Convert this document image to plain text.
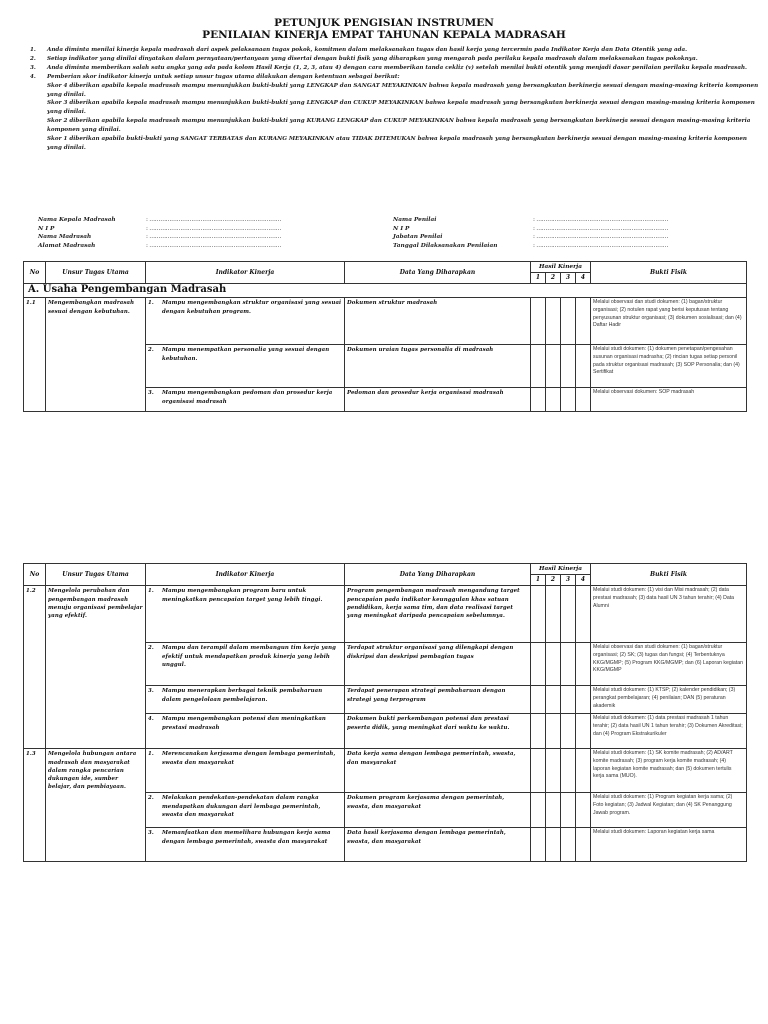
PETUNJUK PENGISIAN INSTRUMEN
PENILAIAN KINERJA EMPAT TAHUNAN KEPALA MADRASAH
1.	Anda diminta menilai kinerja kepala madrasah dari aspek pelaksanaan tugas pokok, komitmen dalam melaksanakan tugas dan hasil kerja yang tercermin pada Indikator Kerja dan Data Otentik yang ada.
2.	Setiap indikator yang dinilai dinyatakan dalam pernyataan/pertanyaan yang disertai dengan bukti fisik yang diharapkan yang mengarah pada perilaku kepala madrasah dalam melaksanakan tugas pokoknya.
3.	Anda diminta memberikan salah satu angka yang ada pada kolom Hasil Kerja (1, 2, 3, atau 4) dengan cara memberikan tanda cekliz (v) setelah menilai bukti otentik yang menjadi dasar penilaian perilaku kepala madrasah.
4.	Pemberian skor indikator kinerja untuk setiap unsur tugas utama dilakukan dengan ketentuan sebagai berikut:
Skor 4 diberikan apabila kepala madrasah mampu menunjukkan bukti-bukti yang LENGKAP dan SANGAT MEYAKINKAN bahwa kepala madrasah yang bersangkutan berkinerja sesuai dengan masing-masing kriteria komponen yang dinilai.
Skor 3 diberikan apabila kepala madrasah mampu menunjukkan bukti-bukti yang LENGKAP dan CUKUP MEYAKINKAN bahwa kepala madrasah yang bersangkutan berkinerja sesuai dengan masing-masing kriteria komponen yang dinilai.
Skor 2 diberikan apabila kepala madrasah mampu menunjukkan bukti-bukti yang KURANG LENGKAP dan CUKUP MEYAKINKAN bahwa kepala madrasah yang bersangkutan berkinerja sesuai dengan masing-masing kriteria komponen yang dinilai.
Skor 1 diberikan apabila bukti-bukti yang SANGAT TERBATAS dan KURANG MEYAKINKAN atau TIDAK DITEMUKAN bahwa kepala madrasah yang bersangkutan berkinerja sesuai dengan masing-masing kriteria komponen yang dinilai.
Nama Kepala Madrasah	: ………………………………………………………………
N I P	: ………………………………………………………………
Nama Madrasah	: ………………………………………………………………
Alamat Madrasah	: ………………………………………………………………
Nama Penilai	: ………………………………………………………………
N I P	: ………………………………………………………………
Jabatan Penilai	: ………………………………………………………………
Tanggal Dilaksanakan Penilaian	: ………………………………………………………………
No	Unsur Tugas Utama	Indikator Kinerja	Data Yang Diharapkan	Hasil Kinerja				Bukti Fisik
				1	2	3	4	
A. Usaha Pengembangan Madrasah								
1.1	Mengembangkan madrasah sesuai dengan kebutuhan.	1. Mampu mengembangkan struktur organisasi yang sesuai dengan kebutuhan program.	Dokumen struktur madrasah					Melalui observasi dan studi dokumen: (1) bagan/struktur organisasi; (2) notulen rapat yang berisi keputusan tentang penyusunan struktur organisasi; (3) dokumen sosialisasi; dan (4) Daftar Hadir

		2. Mampu menempatkan personalia yang sesuai dengan kebutuhan.	Dokumen uraian tugas personalia di madrasah					Melalui studi dokumen: (1) dokumen penetapan/pengesahan susunan organisasi madrasha; (2) rincian tugas setiap personil pada struktur organisasi madrasah; (3) SOP Personalia; dan (4) Sertifikat

		3. Mampu mengembangkan pedoman dan prosedur kerja organisasi madrasah	Pedoman dan prosedur kerja organisasi madrasah					Melalui observasi dokumen: SOP madrasah
No	Unsur Tugas Utama	Indikator Kinerja	Data Yang Diharapkan	Hasil Kinerja				Bukti Fisik
				1	2	3	4	
1.2	Mengelola perubahan dan pengembangan madrasah menuju organisasi pembelajar yang efektif.	1. Mampu mengembangkan program baru untuk meningkatkan pencapaian target yang lebih tinggi.	Program pengembangan madrasah mengandung target pencapaian pada indikator keunggulan khas satuan pendidikan, kerja sama tim, dan data realisasi target yang meningkat daripada pencapaian sebelumnya.					Melalui studi dokumen: (1) visi dan Misi madrasah; (2) data prestasi madrasah; (3) data hasil UN 3 tahun terahir; (4) Data Alumni

		2. Mampu dan terampil dalam membangun tim kerja yang efektif untuk mendapatkan produk kinerja yang lebih unggul.	Terdapat struktur organisasi yang dilengkapi dengan diskripsi dan deskripsi pembagian tugas					Melalui observasi dan studi dokumen: (1) bagan/struktur organisasi; (2) SK; (3) tugas dan fungsi; (4) Terbentuknya KKG/MGMP; (5) Program KKG/MGMP; dan (6) Laporan kegiatan KKG/MGMP

		3. Mampu menerapkan berbagai teknik pembaharuan dalam pengelolaan pembelajaran.	Terdapat penerapan strategi pembaharuan dengan strategi yang terprogram					Melalui studi dokumen: (1) KTSP; (2) kalender pendidikan; (3) perangkat pembelajaran; (4) penilaian; DAN (5) peraturan akademik

		4. Mampu mengembangkan potensi dan meningkatkan prestasi madrasah	Dokumen bukti perkembangan potensi dan prestasi peserta didik, yang meningkat dari waktu ke waktu.					Melalui studi dokumen: (1) data prestasi madrasah 1 tahun terahir; (2) data hasil UN 1 tahun terahir; (3) Dokumen Akreditasi; dan (4) Program Ekstrakurikuler
1.3	Mengelola hubungan antara madrasah dan masyarakat dalam rangka pencarian dukungan ide, sumber belajar, dan pembiayaan.	1. Merencanakan kerjasama dengan lembaga pemerintah, swasta dan masyarakat	Data kerja sama dengan lembaga pemerintah, swasta, dan masyarakat					Melalui studi dokumen: (1) SK komite madrasah; (2) AD/ART komite madrasah; (3) program kerja komite madrasah; (4) laporan kegiatan komite madrasah; dan (5) dokumen tertulis kerja sama (MUO).

		2. Melakukan pendekatan-pendekatan dalam rangka mendapatkan dukungan dari lembaga pemerintah, swasta dan masyarakat	Dokumen program kerjasama dengan pemerintah, swasta, dan masyarakat					Melalui studi dokumen: (1) Program kegiatan kerja sama; (2) Foto kegiatan; (3) Jadwal Kegiatan; dan (4) SK Penanggung Jawab program.

		3. Memanfaatkan dan memelihara hubungan kerja sama dengan lembaga pemerintah, swasta dan masyarakat	Data hasil kerjasama dengan lembaga pemerintah, swasta, dan masyarakat					Melalui studi dokumen: Laporan kegiatan kerja sama
